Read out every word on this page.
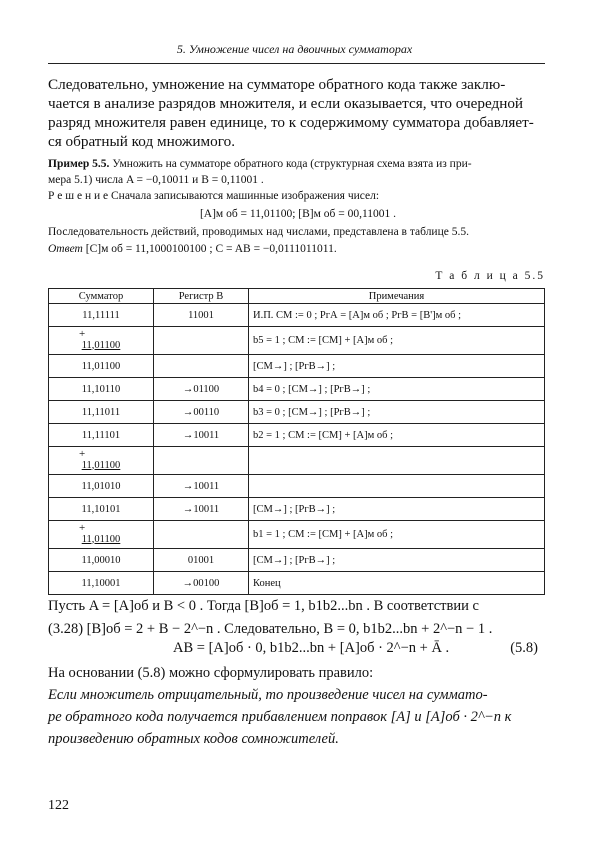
5. Умножение чисел на двоичных сумматорах
Следовательно, умножение на сумматоре обратного кода также заклю-
чается в анализе разрядов множителя, и если оказывается, что очередной
разряд множителя равен единице, то к содержимому сумматора добавляет-
ся обратный код множимого.
Пример 5.5. Умножить на сумматоре обратного кода (структурная схема взята из при-
мера 5.1) числа A = −0,10011 и B = 0,11001 .
Р е ш е н и е Сначала записываются машинные изображения чисел:
[A]м об = 11,01100; [B]м об = 00,11001 .
Последовательность действий, проводимых над числами, представлена в таблице 5.5.
Ответ [C]м об = 11,1000100100 ; C = AB = −0,0111011011.
Т а б л и ц а 5.5
Сумматор	Регистр B	Примечания
11,11111	11001	И.П. СМ := 0 ; РгА = [A]м об ; РгВ = [B']м об ;

+
11,01100		b5 = 1 ; СМ := [СМ] + [A]м об ;
11,01100		[СМ→] ; [РгВ→] ;
11,10110	→01100	b4 = 0 ; [СМ→] ; [РгВ→] ;
11,11011	→00110	b3 = 0 ; [СМ→] ; [РгВ→] ;
11,11101	→10011	b2 = 1 ; СМ := [СМ] + [A]м об ;

+
11,01100		
11,01010	→10011	
11,10101	→10011	[СМ→] ; [РгВ→] ;

+
11,01100		b1 = 1 ; СМ := [СМ] + [A]м об ;
11,00010	01001	[СМ→] ; [РгВ→] ;
11,10001	→00100	Конец
Пусть A = [A]об и B < 0 . Тогда [B]об = 1, b1b2...bn . В соответствии с
(3.28) [B]об = 2 + B − 2^−n . Следовательно, B = 0, b1b2...bn + 2^−n − 1 .
AB = [A]об · 0, b1b2...bn + [A]об · 2^−n + Ā .	(5.8)
На основании (5.8) можно сформулировать правило:
Если множитель отрицательный, то произведение чисел на суммато-
ре обратного кода получается прибавлением поправок [A] и [A]об · 2^−n к
произведению обратных кодов сомножителей.
122
